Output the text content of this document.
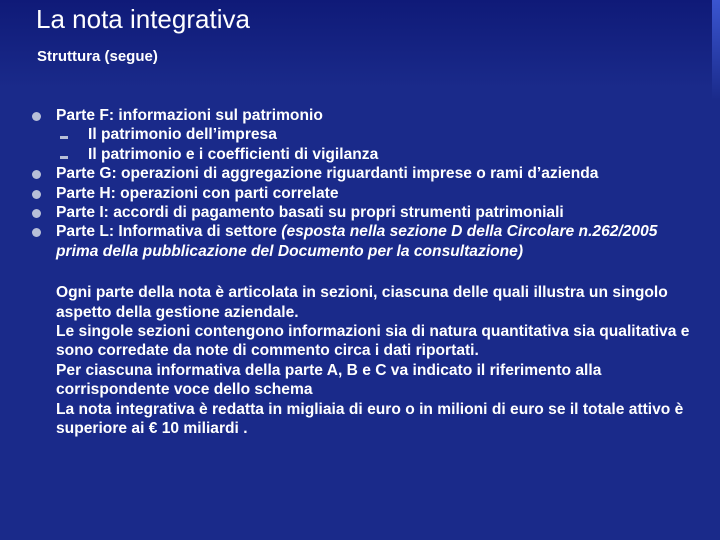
La nota integrativa
Struttura (segue)
Parte F: informazioni sul patrimonio
Il patrimonio dell’impresa
Il patrimonio e i coefficienti di vigilanza
Parte G: operazioni di aggregazione riguardanti imprese o rami d’azienda
Parte H: operazioni con parti correlate
Parte I: accordi di pagamento basati su propri strumenti patrimoniali
Parte L: Informativa di settore (esposta nella sezione D della Circolare n.262/2005 prima della pubblicazione del Documento per la consultazione)

Ogni parte della nota è articolata in sezioni, ciascuna delle quali illustra un singolo aspetto della gestione aziendale.

Le singole sezioni contengono informazioni sia di natura quantitativa sia qualitativa e sono corredate da note di commento circa i dati riportati.

Per ciascuna informativa della parte A, B e C va indicato il riferimento alla corrispondente voce dello schema

La nota integrativa è redatta in migliaia di euro o in milioni di euro se il totale attivo è superiore ai € 10 miliardi .
